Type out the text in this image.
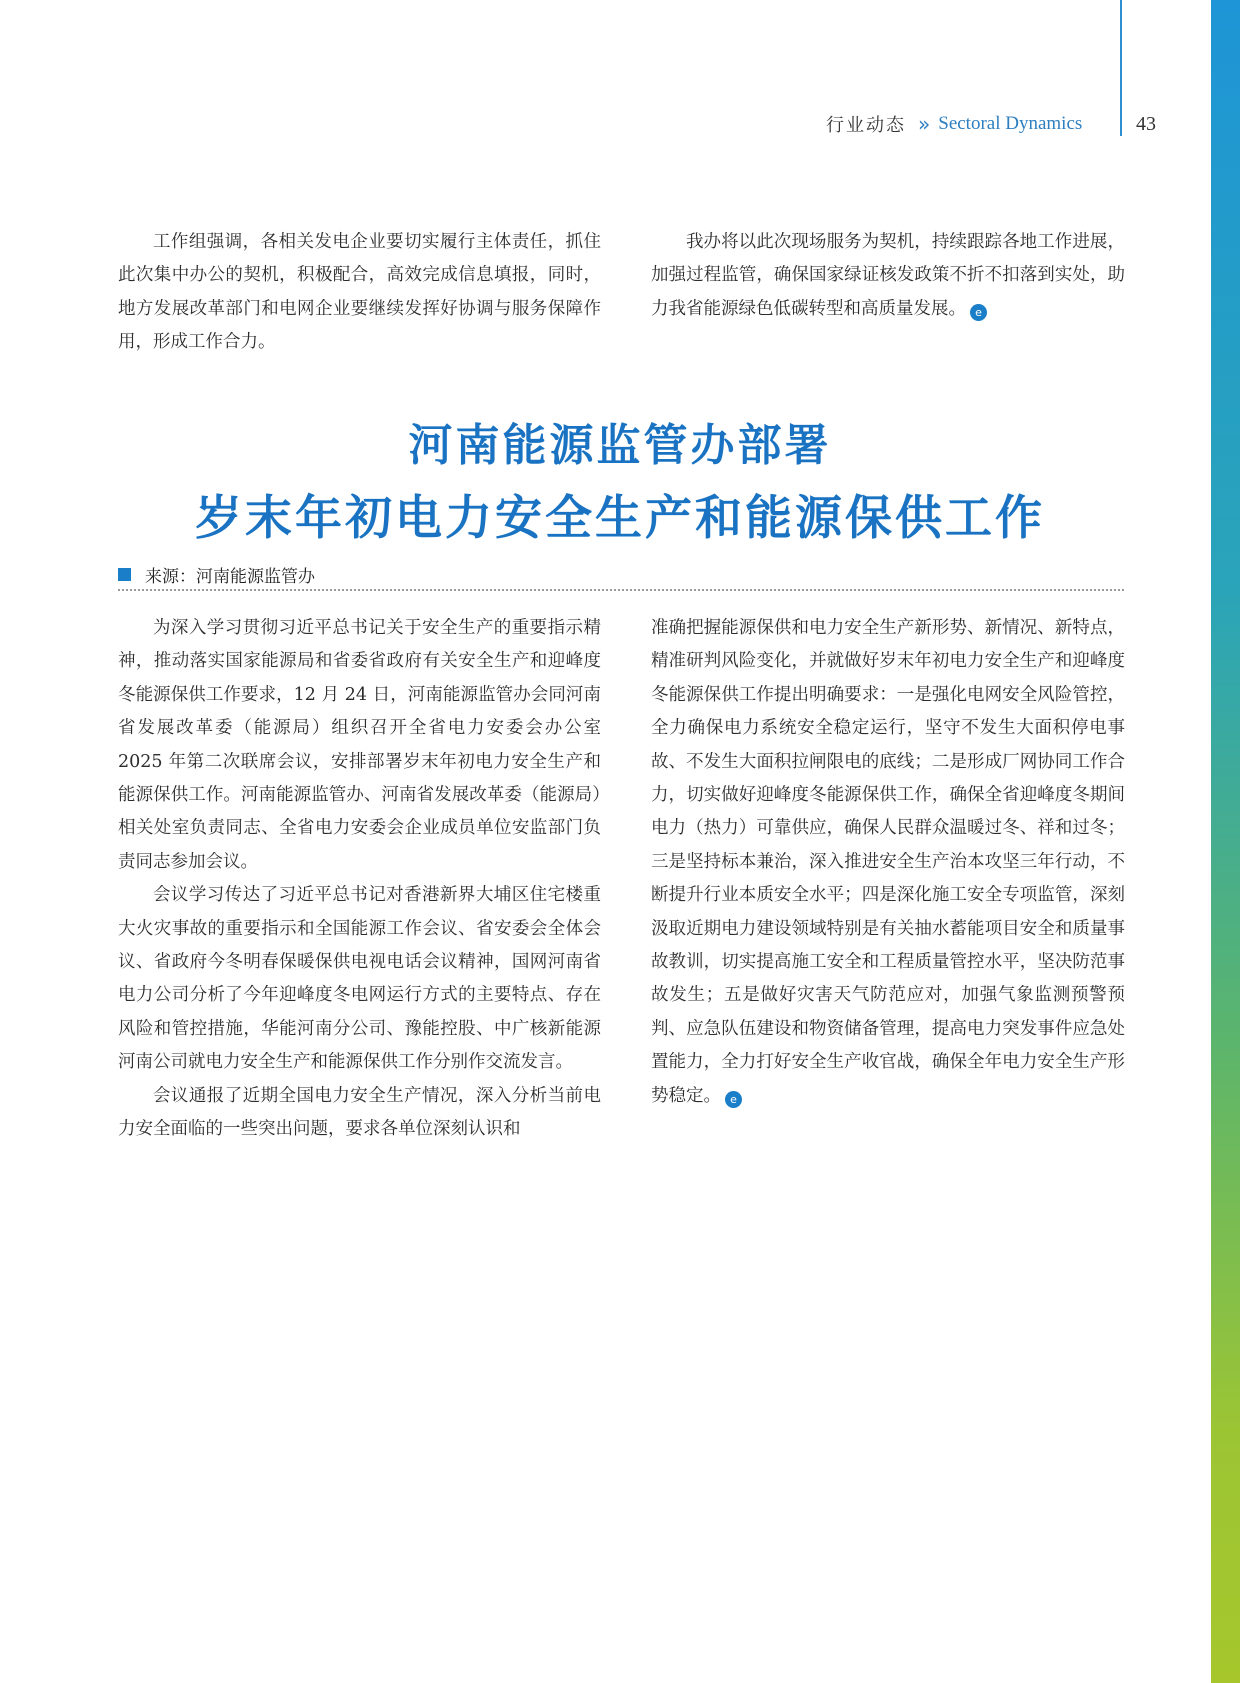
行业动态 » Sectoral Dynamics	43

工作组强调，各相关发电企业要切实履行主体责任，抓住此次集中办公的契机，积极配合，高效完成信息填报，同时，地方发展改革部门和电网企业要继续发挥好协调与服务保障作用，形成工作合力。

我办将以此次现场服务为契机，持续跟踪各地工作进展，加强过程监管，确保国家绿证核发政策不折不扣落到实处，助力我省能源绿色低碳转型和高质量发展。 e

河南能源监管办部署
岁末年初电力安全生产和能源保供工作
来源：河南能源监管办

为深入学习贯彻习近平总书记关于安全生产的重要指示精神，推动落实国家能源局和省委省政府有关安全生产和迎峰度冬能源保供工作要求，12 月 24 日，河南能源监管办会同河南省发展改革委（能源局）组织召开全省电力安委会办公室 2025 年第二次联席会议，安排部署岁末年初电力安全生产和能源保供工作。河南能源监管办、河南省发展改革委（能源局）相关处室负责同志、全省电力安委会企业成员单位安监部门负责同志参加会议。

会议学习传达了习近平总书记对香港新界大埔区住宅楼重大火灾事故的重要指示和全国能源工作会议、省安委会全体会议、省政府今冬明春保暖保供电视电话会议精神，国网河南省电力公司分析了今年迎峰度冬电网运行方式的主要特点、存在风险和管控措施，华能河南分公司、豫能控股、中广核新能源河南公司就电力安全生产和能源保供工作分别作交流发言。

会议通报了近期全国电力安全生产情况，深入分析当前电力安全面临的一些突出问题，要求各单位深刻认识和

准确把握能源保供和电力安全生产新形势、新情况、新特点，精准研判风险变化，并就做好岁末年初电力安全生产和迎峰度冬能源保供工作提出明确要求：一是强化电网安全风险管控，全力确保电力系统安全稳定运行，坚守不发生大面积停电事故、不发生大面积拉闸限电的底线；二是形成厂网协同工作合力，切实做好迎峰度冬能源保供工作，确保全省迎峰度冬期间电力（热力）可靠供应，确保人民群众温暖过冬、祥和过冬；三是坚持标本兼治，深入推进安全生产治本攻坚三年行动，不断提升行业本质安全水平；四是深化施工安全专项监管，深刻汲取近期电力建设领域特别是有关抽水蓄能项目安全和质量事故教训，切实提高施工安全和工程质量管控水平，坚决防范事故发生；五是做好灾害天气防范应对，加强气象监测预警预判、应急队伍建设和物资储备管理，提高电力突发事件应急处置能力，全力打好安全生产收官战，确保全年电力安全生产形势稳定。 e
